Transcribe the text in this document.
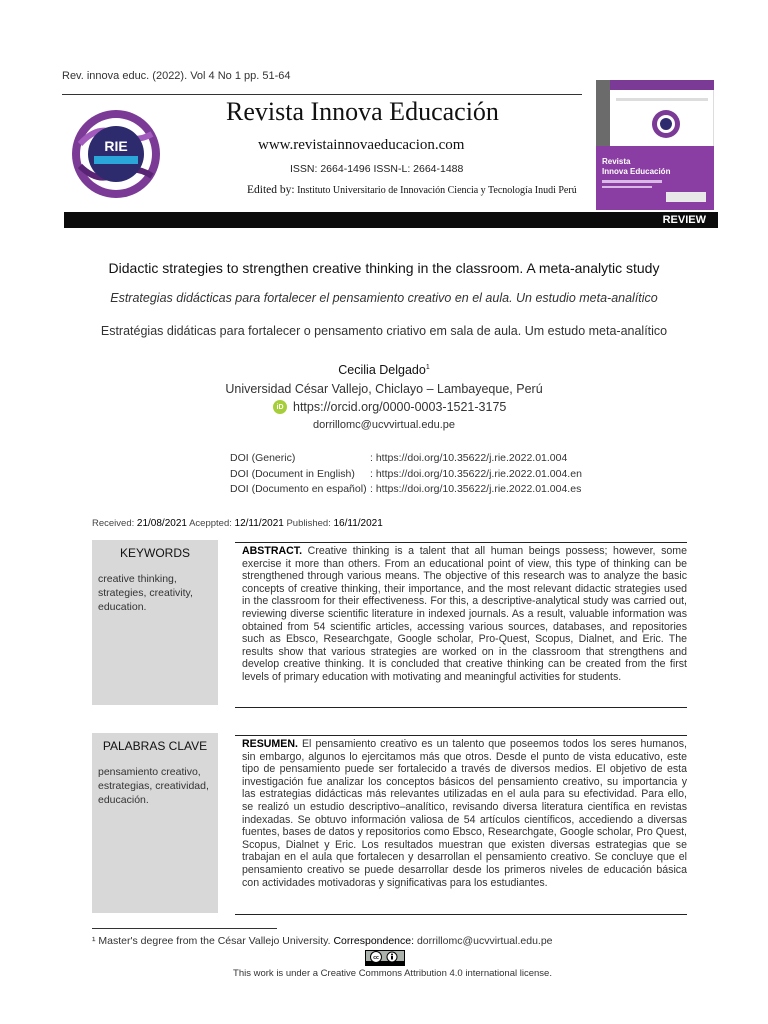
Rev. innova educ. (2022). Vol 4 No 1 pp. 51-64
RIE
Revista Innova Educación
www.revistainnovaeducacion.com
ISSN: 2664-1496 ISSN-L: 2664-1488
Edited by: Instituto Universitario de Innovación Ciencia y Tecnología Inudi Perú
Revista
Innova Educación
REVIEW
Didactic strategies to strengthen creative thinking in the classroom. A meta-analytic study
Estrategias didácticas para fortalecer el pensamiento creativo en el aula. Un estudio meta-analítico
Estratégias didáticas para fortalecer o pensamento criativo em sala de aula. Um estudo meta-analítico
Cecilia Delgado$^1$
Universidad César Vallejo, Chiclayo – Lambayeque, Perú
iD https://orcid.org/0000-0003-1521-3175
dorrillomc@ucvvirtual.edu.pe
DOI (Generic)	: https://doi.org/10.35622/j.rie.2022.01.004
DOI (Document in English)	: https://doi.org/10.35622/j.rie.2022.01.004.en
DOI (Documento en español)	: https://doi.org/10.35622/j.rie.2022.01.004.es
Received: 21/08/2021 Aceppted: 12/11/2021 Published: 16/11/2021
KEYWORDS
creative thinking, strategies, creativity, education.
ABSTRACT. Creative thinking is a talent that all human beings possess; however, some exercise it more than others. From an educational point of view, this type of thinking can be strengthened through various means. The objective of this research was to analyze the basic concepts of creative thinking, their importance, and the most relevant didactic strategies used in the classroom for their effectiveness. For this, a descriptive-analytical study was carried out, reviewing diverse scientific literature in indexed journals. As a result, valuable information was obtained from 54 scientific articles, accessing various sources, databases, and repositories such as Ebsco, Researchgate, Google scholar, Pro-Quest, Scopus, Dialnet, and Eric. The results show that various strategies are worked on in the classroom that strengthens and develop creative thinking. It is concluded that creative thinking can be created from the first levels of primary education with motivating and meaningful activities for students.
PALABRAS CLAVE
pensamiento creativo, estrategias, creatividad, educación.
RESUMEN. El pensamiento creativo es un talento que poseemos todos los seres humanos, sin embargo, algunos lo ejercitamos más que otros. Desde el punto de vista educativo, este tipo de pensamiento puede ser fortalecido a través de diversos medios. El objetivo de esta investigación fue analizar los conceptos básicos del pensamiento creativo, su importancia y las estrategias didácticas más relevantes utilizadas en el aula para su efectividad. Para ello, se realizó un estudio descriptivo–analítico, revisando diversa literatura científica en revistas indexadas. Se obtuvo información valiosa de 54 artículos científicos, accediendo a diversas fuentes, bases de datos y repositorios como Ebsco, Researchgate, Google scholar, Pro Quest, Scopus, Dialnet y Eric. Los resultados muestran que existen diversas estrategias que se trabajan en el aula que fortalecen y desarrollan el pensamiento creativo. Se concluye que el pensamiento creativo se puede desarrollar desde los primeros niveles de educación básica con actividades motivadoras y significativas para los estudiantes.
¹ Master's degree from the César Vallejo University. Correspondence: dorrillomc@ucvvirtual.edu.pe
cc
This work is under a Creative Commons Attribution 4.0 international license.
